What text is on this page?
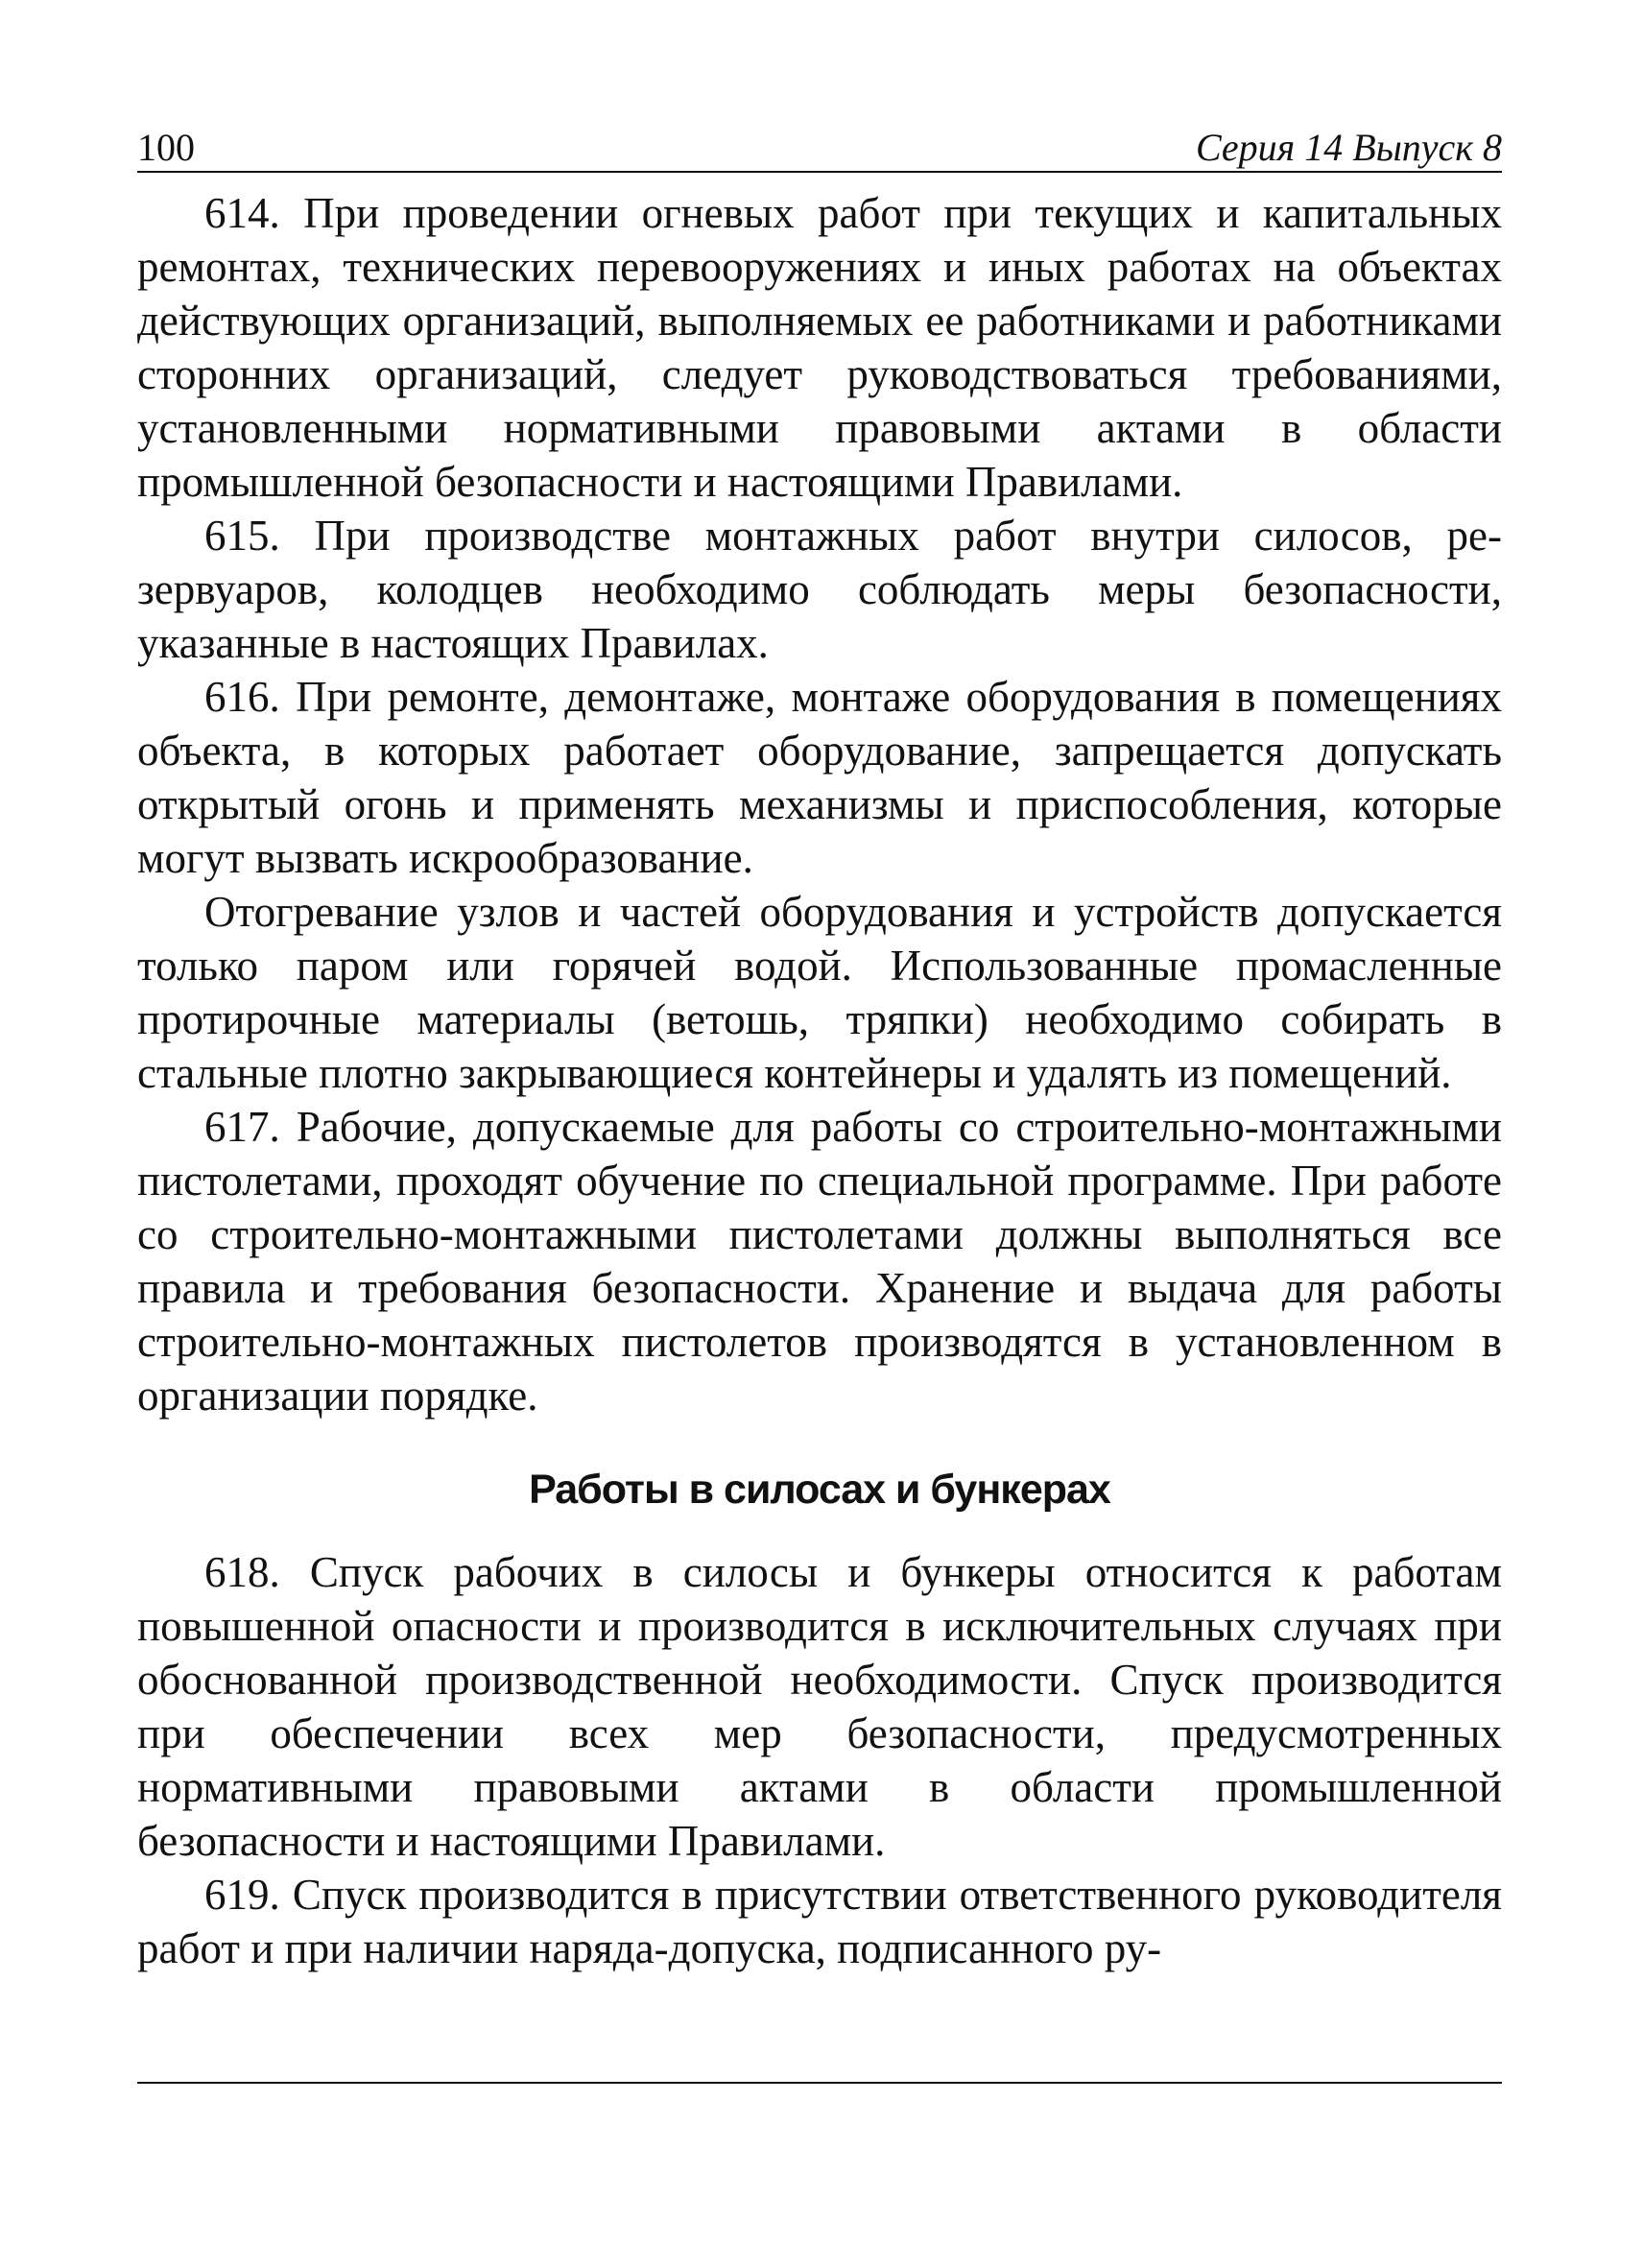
100	Серия 14 Выпуск 8

614. При проведении огневых работ при текущих и капитальных ремонтах, технических перевооружениях и иных работах на объектах действующих организаций, выполняемых ее работниками и работниками сторонних организаций, следует руководствоваться требованиями, установленными нормативными правовыми актами в области промышленной безопасности и настоящими Правилами.

615. При производстве монтажных работ внутри силосов, резервуаров, колодцев необходимо соблюдать меры безопасности, указанные в настоящих Правилах.

616. При ремонте, демонтаже, монтаже оборудования в помещениях объекта, в которых работает оборудование, запрещается допускать открытый огонь и применять механизмы и приспособления, которые могут вызвать искрообразование.

Отогревание узлов и частей оборудования и устройств допускается только паром или горячей водой. Использованные промасленные протирочные материалы (ветошь, тряпки) необходимо собирать в стальные плотно закрывающиеся контейнеры и удалять из помещений.

617. Рабочие, допускаемые для работы со строительно-монтажными пистолетами, проходят обучение по специальной программе. При работе со строительно-монтажными пистолетами должны выполняться все правила и требования безопасности. Хранение и выдача для работы строительно-монтажных пистолетов производятся в установленном в организации порядке.

Работы в силосах и бункерах

618. Спуск рабочих в силосы и бункеры относится к работам повышенной опасности и производится в исключительных случаях при обоснованной производственной необходимости. Спуск производится при обеспечении всех мер безопасности, предусмотренных нормативными правовыми актами в области промышленной безопасности и настоящими Правилами.

619. Спуск производится в присутствии ответственного руководителя работ и при наличии наряда-допуска, подписанного ру-
